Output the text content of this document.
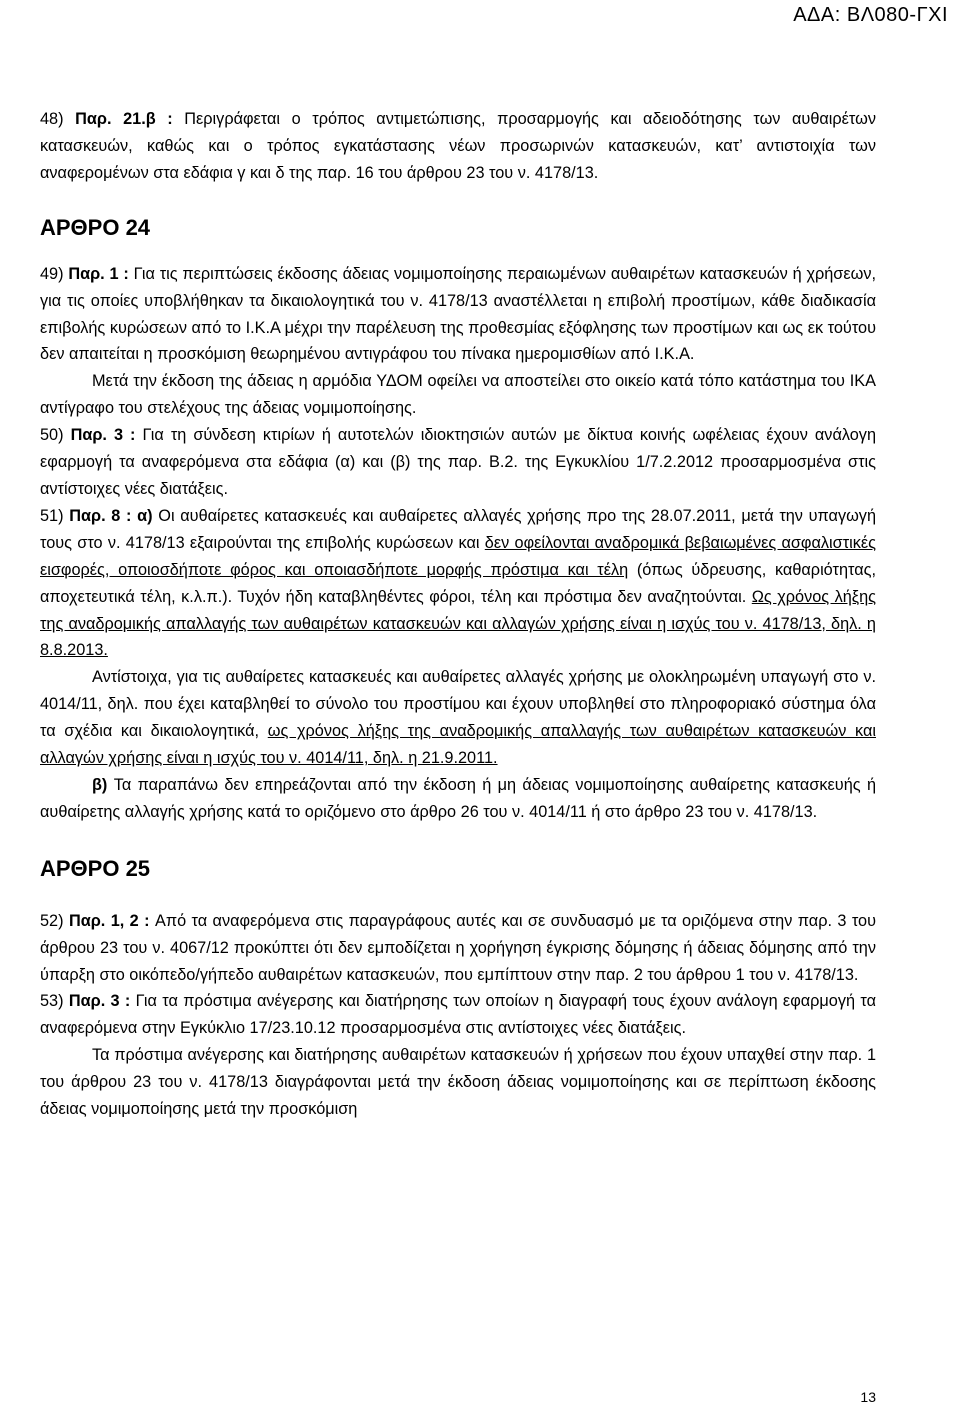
ΑΔΑ: ΒΛ080-ΓΧΙ

48) Παρ. 21.β : Περιγράφεται ο τρόπος αντιμετώπισης, προσαρμογής και αδειοδότησης των αυθαιρέτων κατασκευών, καθώς και ο τρόπος εγκατάστασης νέων προσωρινών κατασκευών, κατ’ αντιστοιχία των αναφερομένων στα εδάφια γ και δ της παρ. 16 του άρθρου 23 του ν. 4178/13.

ΑΡΘΡΟ 24

49) Παρ. 1 : Για τις περιπτώσεις έκδοσης άδειας νομιμοποίησης περαιωμένων αυθαιρέτων κατασκευών ή χρήσεων, για τις οποίες υποβλήθηκαν τα δικαιολογητικά του ν. 4178/13 αναστέλλεται η επιβολή προστίμων, κάθε διαδικασία επιβολής κυρώσεων από το Ι.Κ.Α μέχρι την παρέλευση της προθεσμίας εξόφλησης των προστίμων και ως εκ τούτου δεν απαιτείται η προσκόμιση θεωρημένου αντιγράφου του πίνακα ημερομισθίων από Ι.Κ.Α.

Μετά την έκδοση της άδειας η αρμόδια ΥΔΟΜ οφείλει να αποστείλει στο οικείο κατά τόπο κατάστημα του ΙΚΑ αντίγραφο του στελέχους της άδειας νομιμοποίησης.

50) Παρ. 3 : Για τη σύνδεση κτιρίων ή αυτοτελών ιδιοκτησιών αυτών με δίκτυα κοινής ωφέλειας έχουν ανάλογη εφαρμογή τα αναφερόμενα στα εδάφια (α) και (β) της παρ. Β.2. της Εγκυκλίου 1/7.2.2012 προσαρμοσμένα στις αντίστοιχες νέες διατάξεις.

51) Παρ. 8 : α) Οι αυθαίρετες κατασκευές και αυθαίρετες αλλαγές χρήσης προ της 28.07.2011, μετά την υπαγωγή τους στο ν. 4178/13 εξαιρούνται της επιβολής κυρώσεων και δεν οφείλονται αναδρομικά βεβαιωμένες ασφαλιστικές εισφορές, οποιοσδήποτε φόρος και οποιασδήποτε μορφής πρόστιμα και τέλη (όπως ύδρευσης, καθαριότητας, αποχετευτικά τέλη, κ.λ.π.). Τυχόν ήδη καταβληθέντες φόροι, τέλη και πρόστιμα δεν αναζητούνται. Ως χρόνος λήξης της αναδρομικής απαλλαγής των αυθαιρέτων κατασκευών και αλλαγών χρήσης είναι η ισχύς του ν. 4178/13, δηλ. η 8.8.2013.

Αντίστοιχα, για τις αυθαίρετες κατασκευές και αυθαίρετες αλλαγές χρήσης με ολοκληρωμένη υπαγωγή στο ν. 4014/11, δηλ. που έχει καταβληθεί το σύνολο του προστίμου και έχουν υποβληθεί στο πληροφοριακό σύστημα όλα τα σχέδια και δικαιολογητικά, ως χρόνος λήξης της αναδρομικής απαλλαγής των αυθαιρέτων κατασκευών και αλλαγών χρήσης είναι η ισχύς του ν. 4014/11, δηλ. η 21.9.2011.

β) Τα παραπάνω δεν επηρεάζονται από την έκδοση ή μη άδειας νομιμοποίησης αυθαίρετης κατασκευής ή αυθαίρετης αλλαγής χρήσης κατά το οριζόμενο στο άρθρο 26 του ν. 4014/11 ή στο άρθρο 23 του ν. 4178/13.

ΑΡΘΡΟ 25

52) Παρ. 1, 2 : Από τα αναφερόμενα στις παραγράφους αυτές και σε συνδυασμό με τα οριζόμενα στην παρ. 3 του άρθρου 23 του ν. 4067/12 προκύπτει ότι δεν εμποδίζεται η χορήγηση έγκρισης δόμησης ή άδειας δόμησης από την ύπαρξη στο οικόπεδο/γήπεδο αυθαιρέτων κατασκευών, που εμπίπτουν στην παρ. 2 του άρθρου 1 του ν. 4178/13.

53) Παρ. 3 : Για τα πρόστιμα ανέγερσης και διατήρησης των οποίων η διαγραφή τους έχουν ανάλογη εφαρμογή τα αναφερόμενα στην Εγκύκλιο 17/23.10.12 προσαρμοσμένα στις αντίστοιχες νέες διατάξεις.

Τα πρόστιμα ανέγερσης και διατήρησης αυθαιρέτων κατασκευών ή χρήσεων που έχουν υπαχθεί στην παρ. 1 του άρθρου 23 του ν. 4178/13 διαγράφονται μετά την έκδοση άδειας νομιμοποίησης και σε περίπτωση έκδοσης άδειας νομιμοποίησης μετά την προσκόμιση

13
